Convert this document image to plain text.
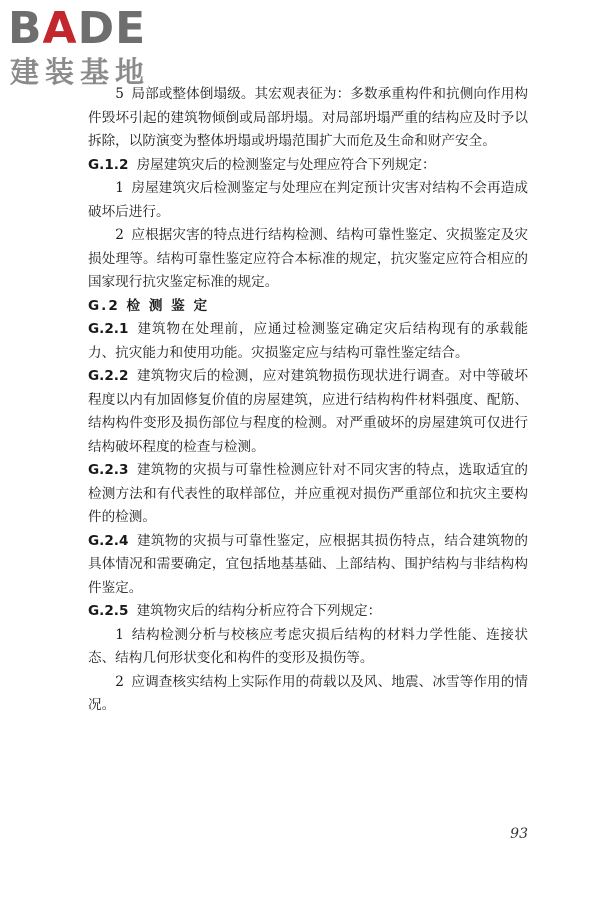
BADE
建装基地

5 局部或整体倒塌级。其宏观表征为：多数承重构件和抗侧向作用构件毁坏引起的建筑物倾倒或局部坍塌。对局部坍塌严重的结构应及时予以拆除，以防演变为整体坍塌或坍塌范围扩大而危及生命和财产安全。

G.1.2 房屋建筑灾后的检测鉴定与处理应符合下列规定：

1 房屋建筑灾后检测鉴定与处理应在判定预计灾害对结构不会再造成破坏后进行。

2 应根据灾害的特点进行结构检测、结构可靠性鉴定、灾损鉴定及灾损处理等。结构可靠性鉴定应符合本标准的规定，抗灾鉴定应符合相应的国家现行抗灾鉴定标准的规定。

G.2 检 测 鉴 定

G.2.1 建筑物在处理前，应通过检测鉴定确定灾后结构现有的承载能力、抗灾能力和使用功能。灾损鉴定应与结构可靠性鉴定结合。

G.2.2 建筑物灾后的检测，应对建筑物损伤现状进行调查。对中等破坏程度以内有加固修复价值的房屋建筑，应进行结构构件材料强度、配筋、结构构件变形及损伤部位与程度的检测。对严重破坏的房屋建筑可仅进行结构破坏程度的检查与检测。

G.2.3 建筑物的灾损与可靠性检测应针对不同灾害的特点，选取适宜的检测方法和有代表性的取样部位，并应重视对损伤严重部位和抗灾主要构件的检测。

G.2.4 建筑物的灾损与可靠性鉴定，应根据其损伤特点，结合建筑物的具体情况和需要确定，宜包括地基基础、上部结构、围护结构与非结构构件鉴定。

G.2.5 建筑物灾后的结构分析应符合下列规定：

1 结构检测分析与校核应考虑灾损后结构的材料力学性能、连接状态、结构几何形状变化和构件的变形及损伤等。

2 应调查核实结构上实际作用的荷载以及风、地震、冰雪等作用的情况。

93
